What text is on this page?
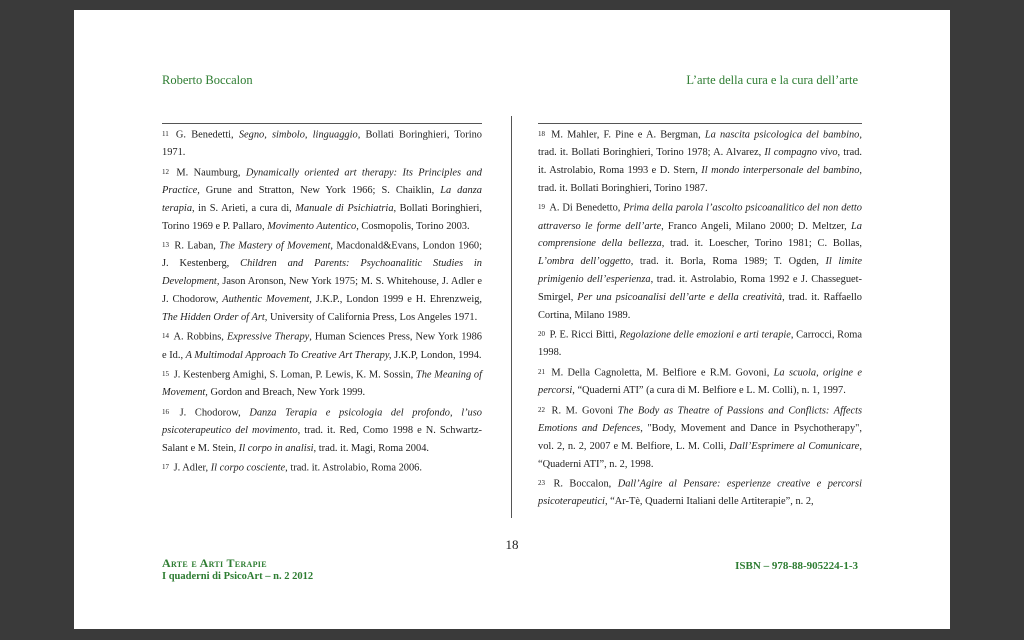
Roberto Boccalon	L’arte della cura e la cura dell’arte
11 G. Benedetti, Segno, simbolo, linguaggio, Bollati Boringhieri, Torino 1971.
12 M. Naumburg, Dynamically oriented art therapy: Its Principles and Practice, Grune and Stratton, New York 1966; S. Chaiklin, La danza terapia, in S. Arieti, a cura di, Manuale di Psichiatria, Bollati Boringhieri, Torino 1969 e P. Pallaro, Movimento Autentico, Cosmopolis, Torino 2003.
13 R. Laban, The Mastery of Movement, Macdonald&Evans, London 1960; J. Kestenberg, Children and Parents: Psychoanalitic Studies in Development, Jason Aronson, New York 1975; M. S. Whitehouse, J. Adler e J. Chodorow, Authentic Movement, J.K.P., London 1999 e H. Ehrenzweig, The Hidden Order of Art, University of California Press, Los Angeles 1971.
14 A. Robbins, Expressive Therapy, Human Sciences Press, New York 1986 e Id., A Multimodal Approach To Creative Art Therapy, J.K.P, London, 1994.
15 J. Kestenberg Amighi, S. Loman, P. Lewis, K. M. Sossin, The Meaning of Movement, Gordon and Breach, New York 1999.
16 J. Chodorow, Danza Terapia e psicologia del profondo, l’uso psicoterapeutico del movimento, trad. it. Red, Como 1998 e N. Schwartz-Salant e M. Stein, Il corpo in analisi, trad. it. Magi, Roma 2004.
17 J. Adler, Il corpo cosciente, trad. it. Astrolabio, Roma 2006.
18 M. Mahler, F. Pine e A. Bergman, La nascita psicologica del bambino, trad. it. Bollati Boringhieri, Torino 1978; A. Alvarez, Il compagno vivo, trad. it. Astrolabio, Roma 1993 e D. Stern, Il mondo interpersonale del bambino, trad. it. Bollati Boringhieri, Torino 1987.
19 A. Di Benedetto, Prima della parola l’ascolto psicoanalitico del non detto attraverso le forme dell’arte, Franco Angeli, Milano 2000; D. Meltzer, La comprensione della bellezza, trad. it. Loescher, Torino 1981; C. Bollas, L’ombra dell’oggetto, trad. it. Borla, Roma 1989; T. Ogden, Il limite primigenio dell’esperienza, trad. it. Astrolabio, Roma 1992 e J. Chasseguet-Smirgel, Per una psicoanalisi dell’arte e della creatività, trad. it. Raffaello Cortina, Milano 1989.
20 P. E. Ricci Bitti, Regolazione delle emozioni e arti terapie, Carrocci, Roma 1998.
21 M. Della Cagnoletta, M. Belfiore e R.M. Govoni, La scuola, origine e percorsi, “Quaderni ATI” (a cura di M. Belfiore e L. M. Colli), n. 1, 1997.
22 R. M. Govoni The Body as Theatre of Passions and Conflicts: Affects Emotions and Defences, "Body, Movement and Dance in Psychotherapy", vol. 2, n. 2, 2007 e M. Belfiore, L. M. Colli, Dall’Esprimere al Comunicare, “Quaderni ATI”, n. 2, 1998.
23 R. Boccalon, Dall’Agire al Pensare: esperienze creative e percorsi psicoterapeutici, “Ar-Tè, Quaderni Italiani delle Artiterapie”, n. 2,
18
Arte e Arti Terapie
I quaderni di PsicoArt – n. 2 2012
ISBN – 978-88-905224-1-3
